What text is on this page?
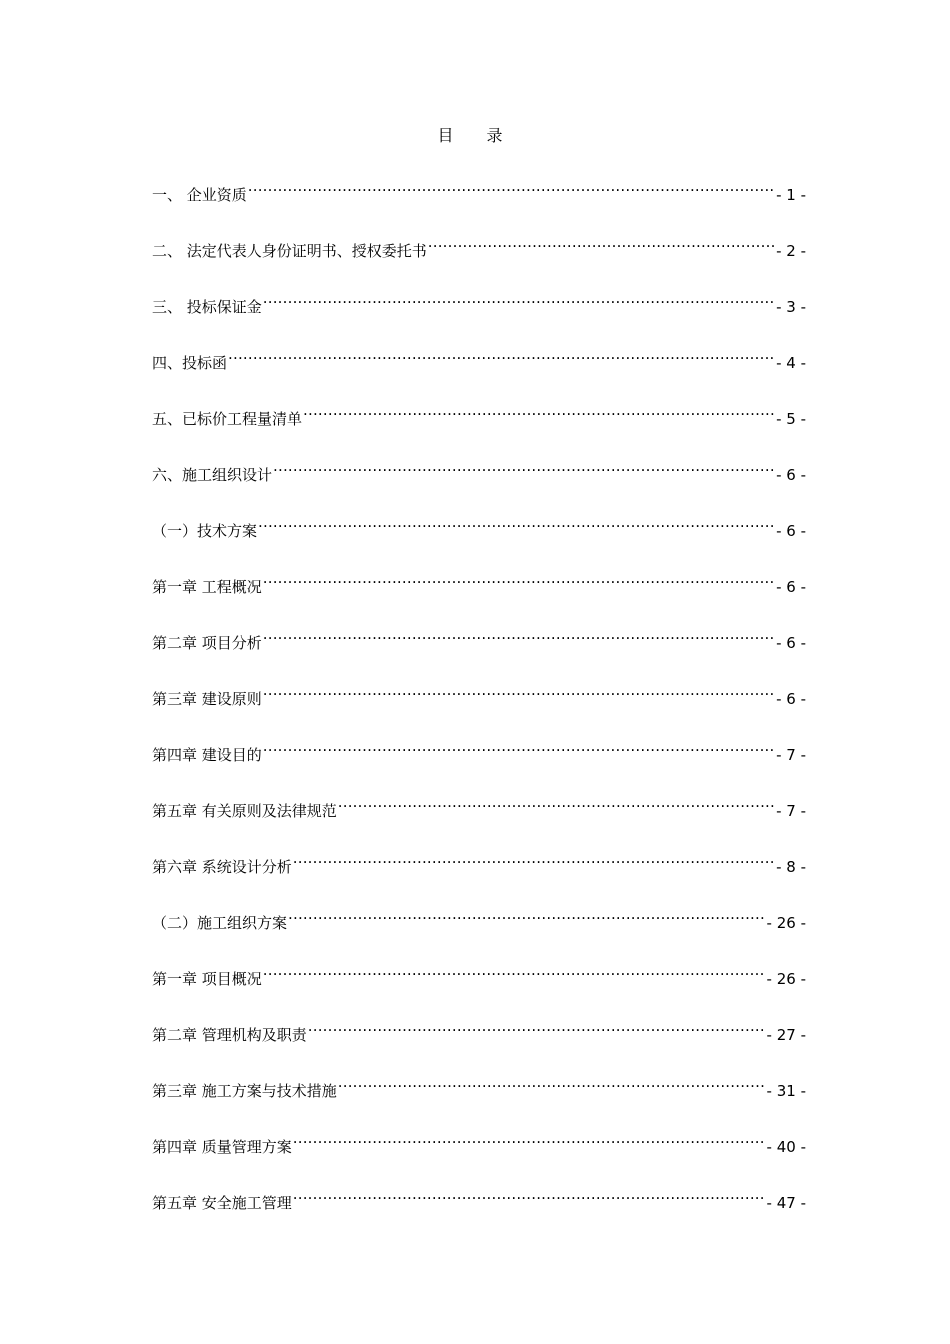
目 录
一、 企业资质 .....	- 1 -
二、 法定代表人身份证明书、授权委托书 .....	- 2 -
三、 投标保证金 .....	- 3 -
四、投标函 .....	- 4 -
五、已标价工程量清单 .....	- 5 -
六、施工组织设计 .....	- 6 -
（一）技术方案 .....	- 6 -
第一章 工程概况 .....	- 6 -
第二章 项目分析 .....	- 6 -
第三章 建设原则 .....	- 6 -
第四章 建设目的 .....	- 7 -
第五章 有关原则及法律规范 .....	- 7 -
第六章 系统设计分析 .....	- 8 -
（二）施工组织方案 .....	- 26 -
第一章 项目概况 .....	- 26 -
第二章 管理机构及职责 .....	- 27 -
第三章 施工方案与技术措施 .....	- 31 -
第四章 质量管理方案 .....	- 40 -
第五章 安全施工管理 .....	- 47 -
